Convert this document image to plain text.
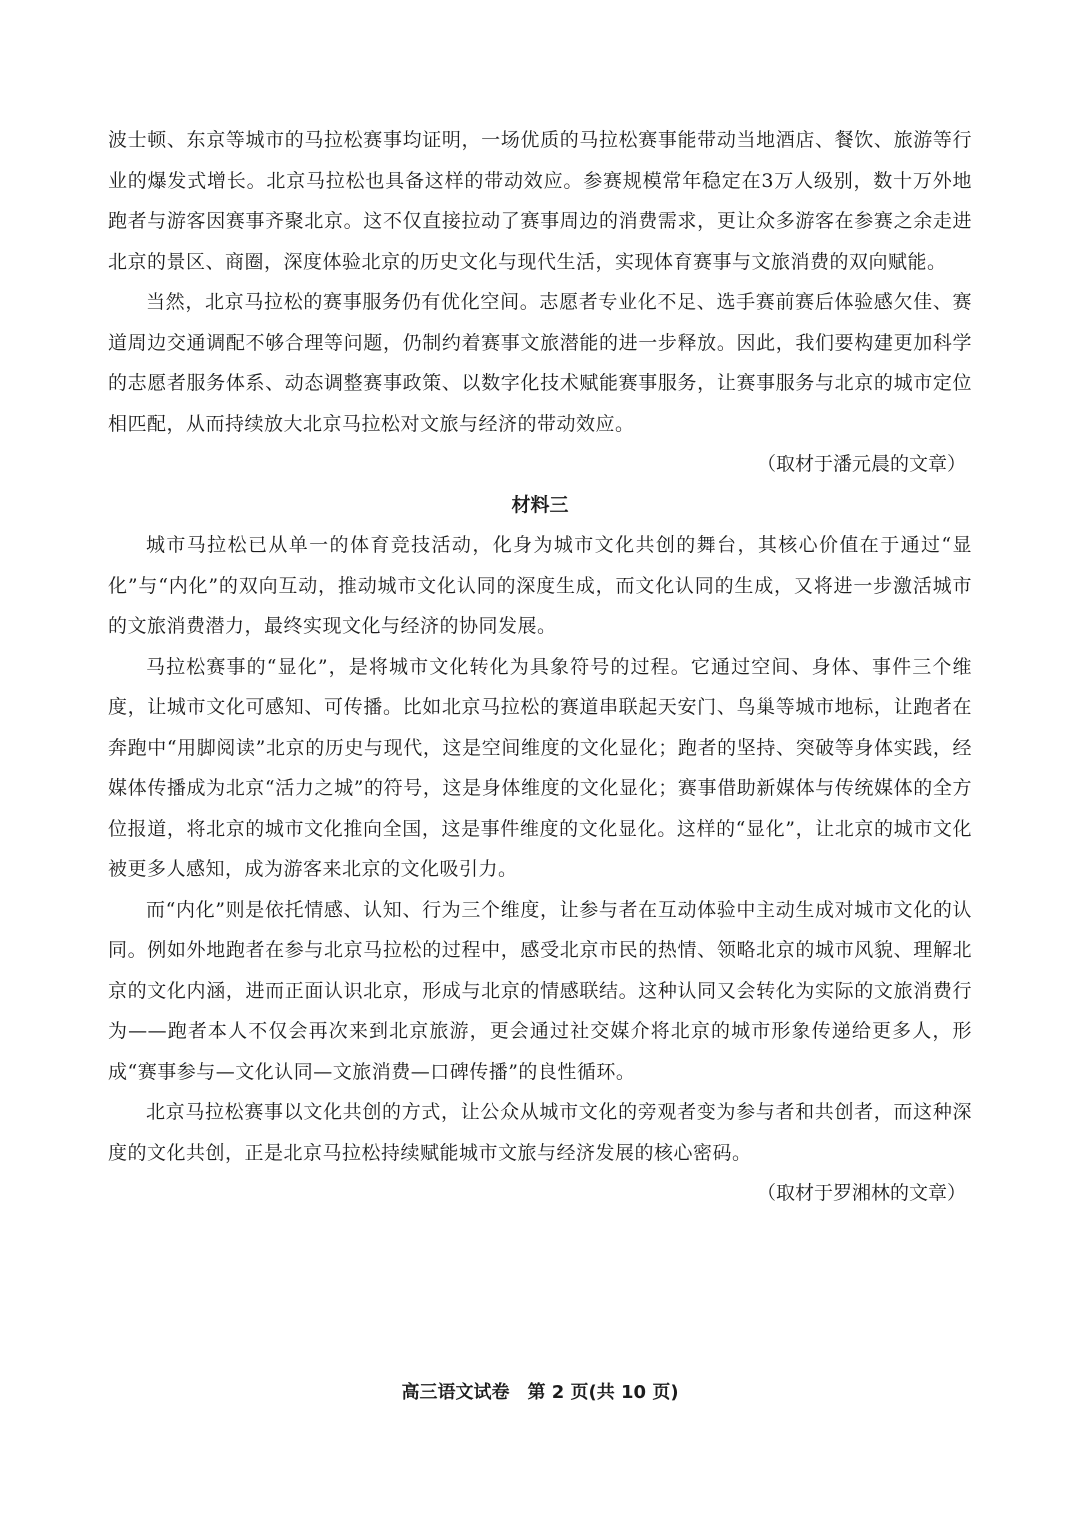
波士顿、东京等城市的马拉松赛事均证明，一场优质的马拉松赛事能带动当地酒店、餐饮、旅游等行业的爆发式增长。北京马拉松也具备这样的带动效应。参赛规模常年稳定在3万人级别，数十万外地跑者与游客因赛事齐聚北京。这不仅直接拉动了赛事周边的消费需求，更让众多游客在参赛之余走进北京的景区、商圈，深度体验北京的历史文化与现代生活，实现体育赛事与文旅消费的双向赋能。

当然，北京马拉松的赛事服务仍有优化空间。志愿者专业化不足、选手赛前赛后体验感欠佳、赛道周边交通调配不够合理等问题，仍制约着赛事文旅潜能的进一步释放。因此，我们要构建更加科学的志愿者服务体系、动态调整赛事政策、以数字化技术赋能赛事服务，让赛事服务与北京的城市定位相匹配，从而持续放大北京马拉松对文旅与经济的带动效应。

（取材于潘元晨的文章）

材料三

城市马拉松已从单一的体育竞技活动，化身为城市文化共创的舞台，其核心价值在于通过“显化”与“内化”的双向互动，推动城市文化认同的深度生成，而文化认同的生成，又将进一步激活城市的文旅消费潜力，最终实现文化与经济的协同发展。

马拉松赛事的“显化”，是将城市文化转化为具象符号的过程。它通过空间、身体、事件三个维度，让城市文化可感知、可传播。比如北京马拉松的赛道串联起天安门、鸟巢等城市地标，让跑者在奔跑中“用脚阅读”北京的历史与现代，这是空间维度的文化显化；跑者的坚持、突破等身体实践，经媒体传播成为北京“活力之城”的符号，这是身体维度的文化显化；赛事借助新媒体与传统媒体的全方位报道，将北京的城市文化推向全国，这是事件维度的文化显化。这样的“显化”，让北京的城市文化被更多人感知，成为游客来北京的文化吸引力。

而“内化”则是依托情感、认知、行为三个维度，让参与者在互动体验中主动生成对城市文化的认同。例如外地跑者在参与北京马拉松的过程中，感受北京市民的热情、领略北京的城市风貌、理解北京的文化内涵，进而正面认识北京，形成与北京的情感联结。这种认同又会转化为实际的文旅消费行为——跑者本人不仅会再次来到北京旅游，更会通过社交媒介将北京的城市形象传递给更多人，形成“赛事参与—文化认同—文旅消费—口碑传播”的良性循环。

北京马拉松赛事以文化共创的方式，让公众从城市文化的旁观者变为参与者和共创者，而这种深度的文化共创，正是北京马拉松持续赋能城市文旅与经济发展的核心密码。

（取材于罗湘林的文章）

高三语文试卷　第 2 页(共 10 页)
